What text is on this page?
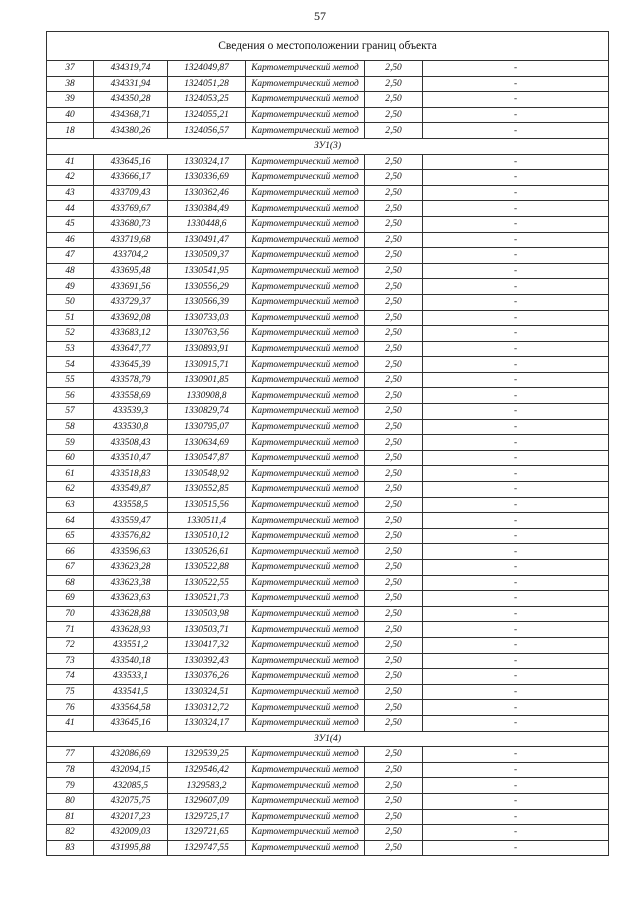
57
Сведения о местоположении границ объекта					
37	434319,74	1324049,87	Картометрический метод	2,50	-
38	434331,94	1324051,28	Картометрический метод	2,50	-
39	434350,28	1324053,25	Картометрический метод	2,50	-
40	434368,71	1324055,21	Картометрический метод	2,50	-
18	434380,26	1324056,57	Картометрический метод	2,50	-
ЗУ1(3)					
41	433645,16	1330324,17	Картометрический метод	2,50	-
42	433666,17	1330336,69	Картометрический метод	2,50	-
43	433709,43	1330362,46	Картометрический метод	2,50	-
44	433769,67	1330384,49	Картометрический метод	2,50	-
45	433680,73	1330448,6	Картометрический метод	2,50	-
46	433719,68	1330491,47	Картометрический метод	2,50	-
47	433704,2	1330509,37	Картометрический метод	2,50	-
48	433695,48	1330541,95	Картометрический метод	2,50	-
49	433691,56	1330556,29	Картометрический метод	2,50	-
50	433729,37	1330566,39	Картометрический метод	2,50	-
51	433692,08	1330733,03	Картометрический метод	2,50	-
52	433683,12	1330763,56	Картометрический метод	2,50	-
53	433647,77	1330893,91	Картометрический метод	2,50	-
54	433645,39	1330915,71	Картометрический метод	2,50	-
55	433578,79	1330901,85	Картометрический метод	2,50	-
56	433558,69	1330908,8	Картометрический метод	2,50	-
57	433539,3	1330829,74	Картометрический метод	2,50	-
58	433530,8	1330795,07	Картометрический метод	2,50	-
59	433508,43	1330634,69	Картометрический метод	2,50	-
60	433510,47	1330547,87	Картометрический метод	2,50	-
61	433518,83	1330548,92	Картометрический метод	2,50	-
62	433549,87	1330552,85	Картометрический метод	2,50	-
63	433558,5	1330515,56	Картометрический метод	2,50	-
64	433559,47	1330511,4	Картометрический метод	2,50	-
65	433576,82	1330510,12	Картометрический метод	2,50	-
66	433596,63	1330526,61	Картометрический метод	2,50	-
67	433623,28	1330522,88	Картометрический метод	2,50	-
68	433623,38	1330522,55	Картометрический метод	2,50	-
69	433623,63	1330521,73	Картометрический метод	2,50	-
70	433628,88	1330503,98	Картометрический метод	2,50	-
71	433628,93	1330503,71	Картометрический метод	2,50	-
72	433551,2	1330417,32	Картометрический метод	2,50	-
73	433540,18	1330392,43	Картометрический метод	2,50	-
74	433533,1	1330376,26	Картометрический метод	2,50	-
75	433541,5	1330324,51	Картометрический метод	2,50	-
76	433564,58	1330312,72	Картометрический метод	2,50	-
41	433645,16	1330324,17	Картометрический метод	2,50	-
ЗУ1(4)					
77	432086,69	1329539,25	Картометрический метод	2,50	-
78	432094,15	1329546,42	Картометрический метод	2,50	-
79	432085,5	1329583,2	Картометрический метод	2,50	-
80	432075,75	1329607,09	Картометрический метод	2,50	-
81	432017,23	1329725,17	Картометрический метод	2,50	-
82	432009,03	1329721,65	Картометрический метод	2,50	-
83	431995,88	1329747,55	Картометрический метод	2,50	-
